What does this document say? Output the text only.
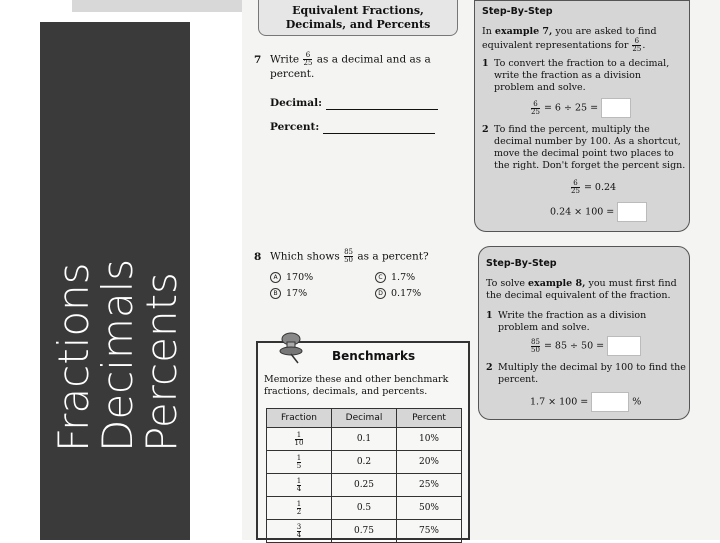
Fractions
Decimals
Percents
Equivalent Fractions,
Decimals, and Percents
7 Write $\frac{6}{25}$ as a decimal and as a
percent.
Decimal:
Percent:
8 Which shows $\frac{85}{50}$ as a percent?
A 170%	C 1.7%
B 17%	D 0.17%
Step-By-Step
In example 7, you are asked to find
equivalent representations for $\frac{6}{25}$ .
1 To convert the fraction to a decimal,
write the fraction as a division
problem and solve.
$\frac{6}{25} = 6 \div 25$ =
2 To find the percent, multiply the
decimal number by 100. As a shortcut,
move the decimal point two places to
the right. Don't forget the percent sign.
$\frac{6}{25} = 0.24$
0.24 × 100 =
Step-By-Step
To solve example 8, you must first find
the decimal equivalent of the fraction.
1 Write the fraction as a division
problem and solve.
$\frac{85}{50} = 85 \div 50$ =
2 Multiply the decimal by 100 to find the
percent.
1.7 × 100 =	%
Benchmarks
Memorize these and other benchmark
fractions, decimals, and percents.
Fraction	Decimal	Percent

$\frac{1}{10}$	0.1	10%

$\frac{1}{5}$	0.2	20%

$\frac{1}{4}$	0.25	25%

$\frac{1}{2}$	0.5	50%

$\frac{3}{4}$	0.75	75%
